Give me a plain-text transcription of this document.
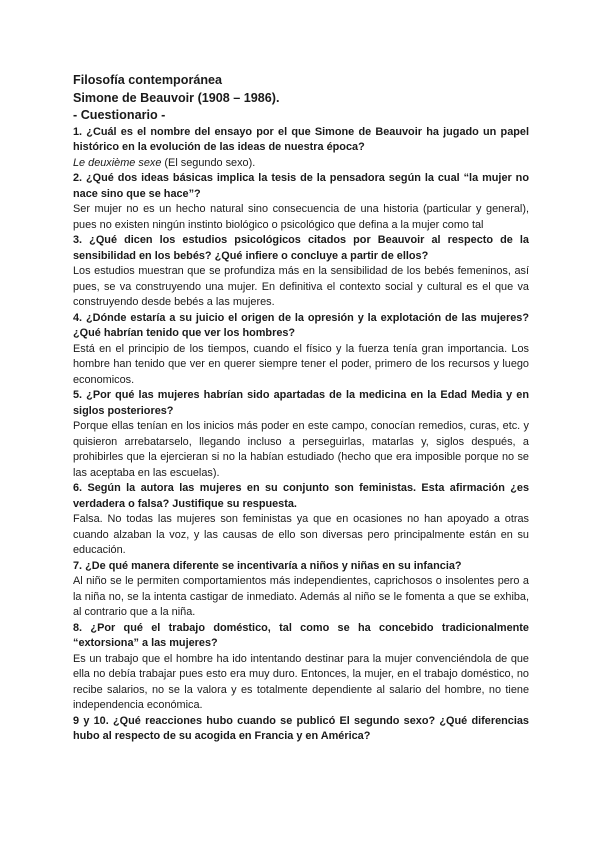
Filosofía contemporánea

Simone de Beauvoir (1908 – 1986).

- Cuestionario -

1. ¿Cuál es el nombre del ensayo por el que Simone de Beauvoir ha jugado un papel histórico en la evolución de las ideas de nuestra época?

Le deuxième sexe (El segundo sexo).

2. ¿Qué dos ideas básicas implica la tesis de la pensadora según la cual “la mujer no nace sino que se hace”?

Ser mujer no es un hecho natural sino consecuencia de una historia (particular y general), pues no existen ningún instinto biológico o psicológico que defina a la mujer como tal

3. ¿Qué dicen los estudios psicológicos citados por Beauvoir al respecto de la sensibilidad en los bebés? ¿Qué infiere o concluye a partir de ellos?

Los estudios muestran que se profundiza más en la sensibilidad de los bebés femeninos, así pues, se va construyendo una mujer. En definitiva el contexto social y cultural es el que va construyendo desde bebés a las mujeres.

4. ¿Dónde estaría a su juicio el origen de la opresión y la explotación de las mujeres? ¿Qué habrían tenido que ver los hombres?

Está en el principio de los tiempos, cuando el físico y la fuerza tenía gran importancia. Los hombre han tenido que ver en querer siempre tener el poder, primero de los recursos y luego economicos.

5. ¿Por qué las mujeres habrían sido apartadas de la medicina en la Edad Media y en siglos posteriores?

Porque ellas tenían en los inicios más poder en este campo, conocían remedios, curas, etc. y quisieron arrebatarselo, llegando incluso a perseguirlas, matarlas y, siglos después, a prohibirles que la ejercieran si no la habían estudiado (hecho que era imposible porque no se las aceptaba en las escuelas).

6. Según la autora las mujeres en su conjunto son feministas. Esta afirmación ¿es verdadera o falsa? Justifique su respuesta.

Falsa. No todas las mujeres son feministas ya que en ocasiones no han apoyado a otras cuando alzaban la voz, y las causas de ello son diversas pero principalmente están en su educación.

7. ¿De qué manera diferente se incentivaría a niños y niñas en su infancia?

Al niño se le permiten comportamientos más independientes, caprichosos o insolentes pero a la niña no, se la intenta castigar de inmediato. Además al niño se le fomenta a que se exhiba, al contrario que a la niña.

8. ¿Por qué el trabajo doméstico, tal como se ha concebido tradicionalmente “extorsiona” a las mujeres?

Es un trabajo que el hombre ha ido intentando destinar para la mujer convenciéndola de que ella no debía trabajar pues esto era muy duro. Entonces, la mujer, en el trabajo doméstico, no recibe salarios, no se la valora y es totalmente dependiente al salario del hombre, no tiene independencia económica.

9 y 10. ¿Qué reacciones hubo cuando se publicó El segundo sexo? ¿Qué diferencias hubo al respecto de su acogida en Francia y en América?
